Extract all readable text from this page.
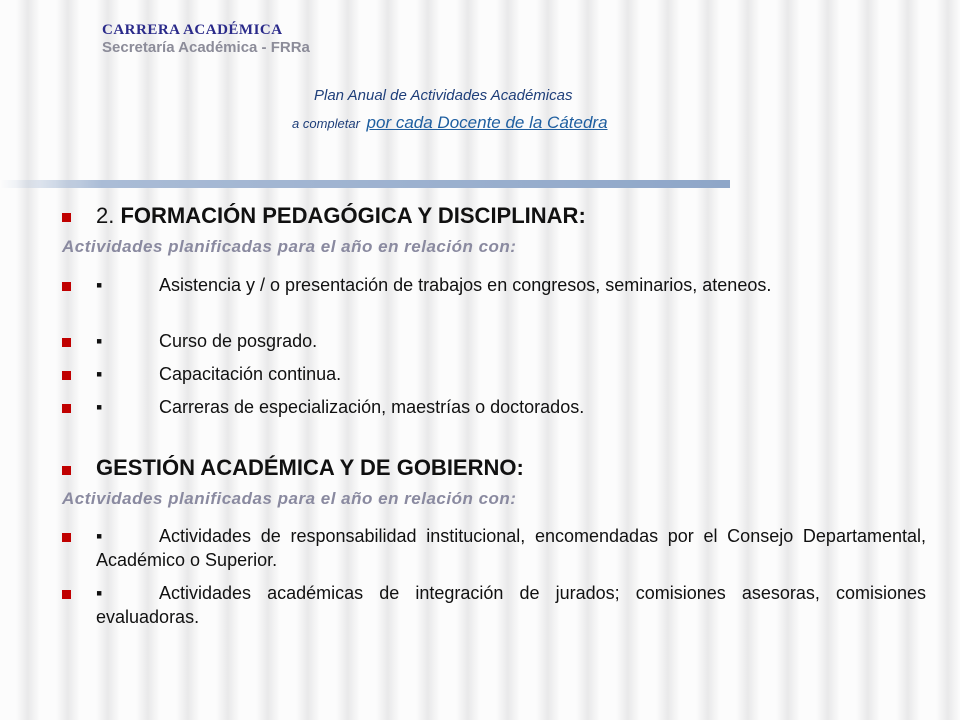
CARRERA ACADÉMICA
Secretaría Académica - FRRa
Plan Anual de Actividades Académicas
a completar por cada Docente de la Cátedra
2. FORMACIÓN PEDAGÓGICA Y DISCIPLINAR:
Actividades planificadas para el año en relación con:
▪	Asistencia y / o presentación de trabajos en congresos, seminarios, ateneos.
▪	Curso de posgrado.
▪	Capacitación continua.
▪	Carreras de especialización, maestrías o doctorados.
GESTIÓN ACADÉMICA Y DE GOBIERNO:
Actividades planificadas para el año en relación con:
▪	Actividades de responsabilidad institucional, encomendadas por el Consejo Departamental, Académico o Superior.
▪	Actividades académicas de integración de jurados; comisiones asesoras, comisiones evaluadoras.
